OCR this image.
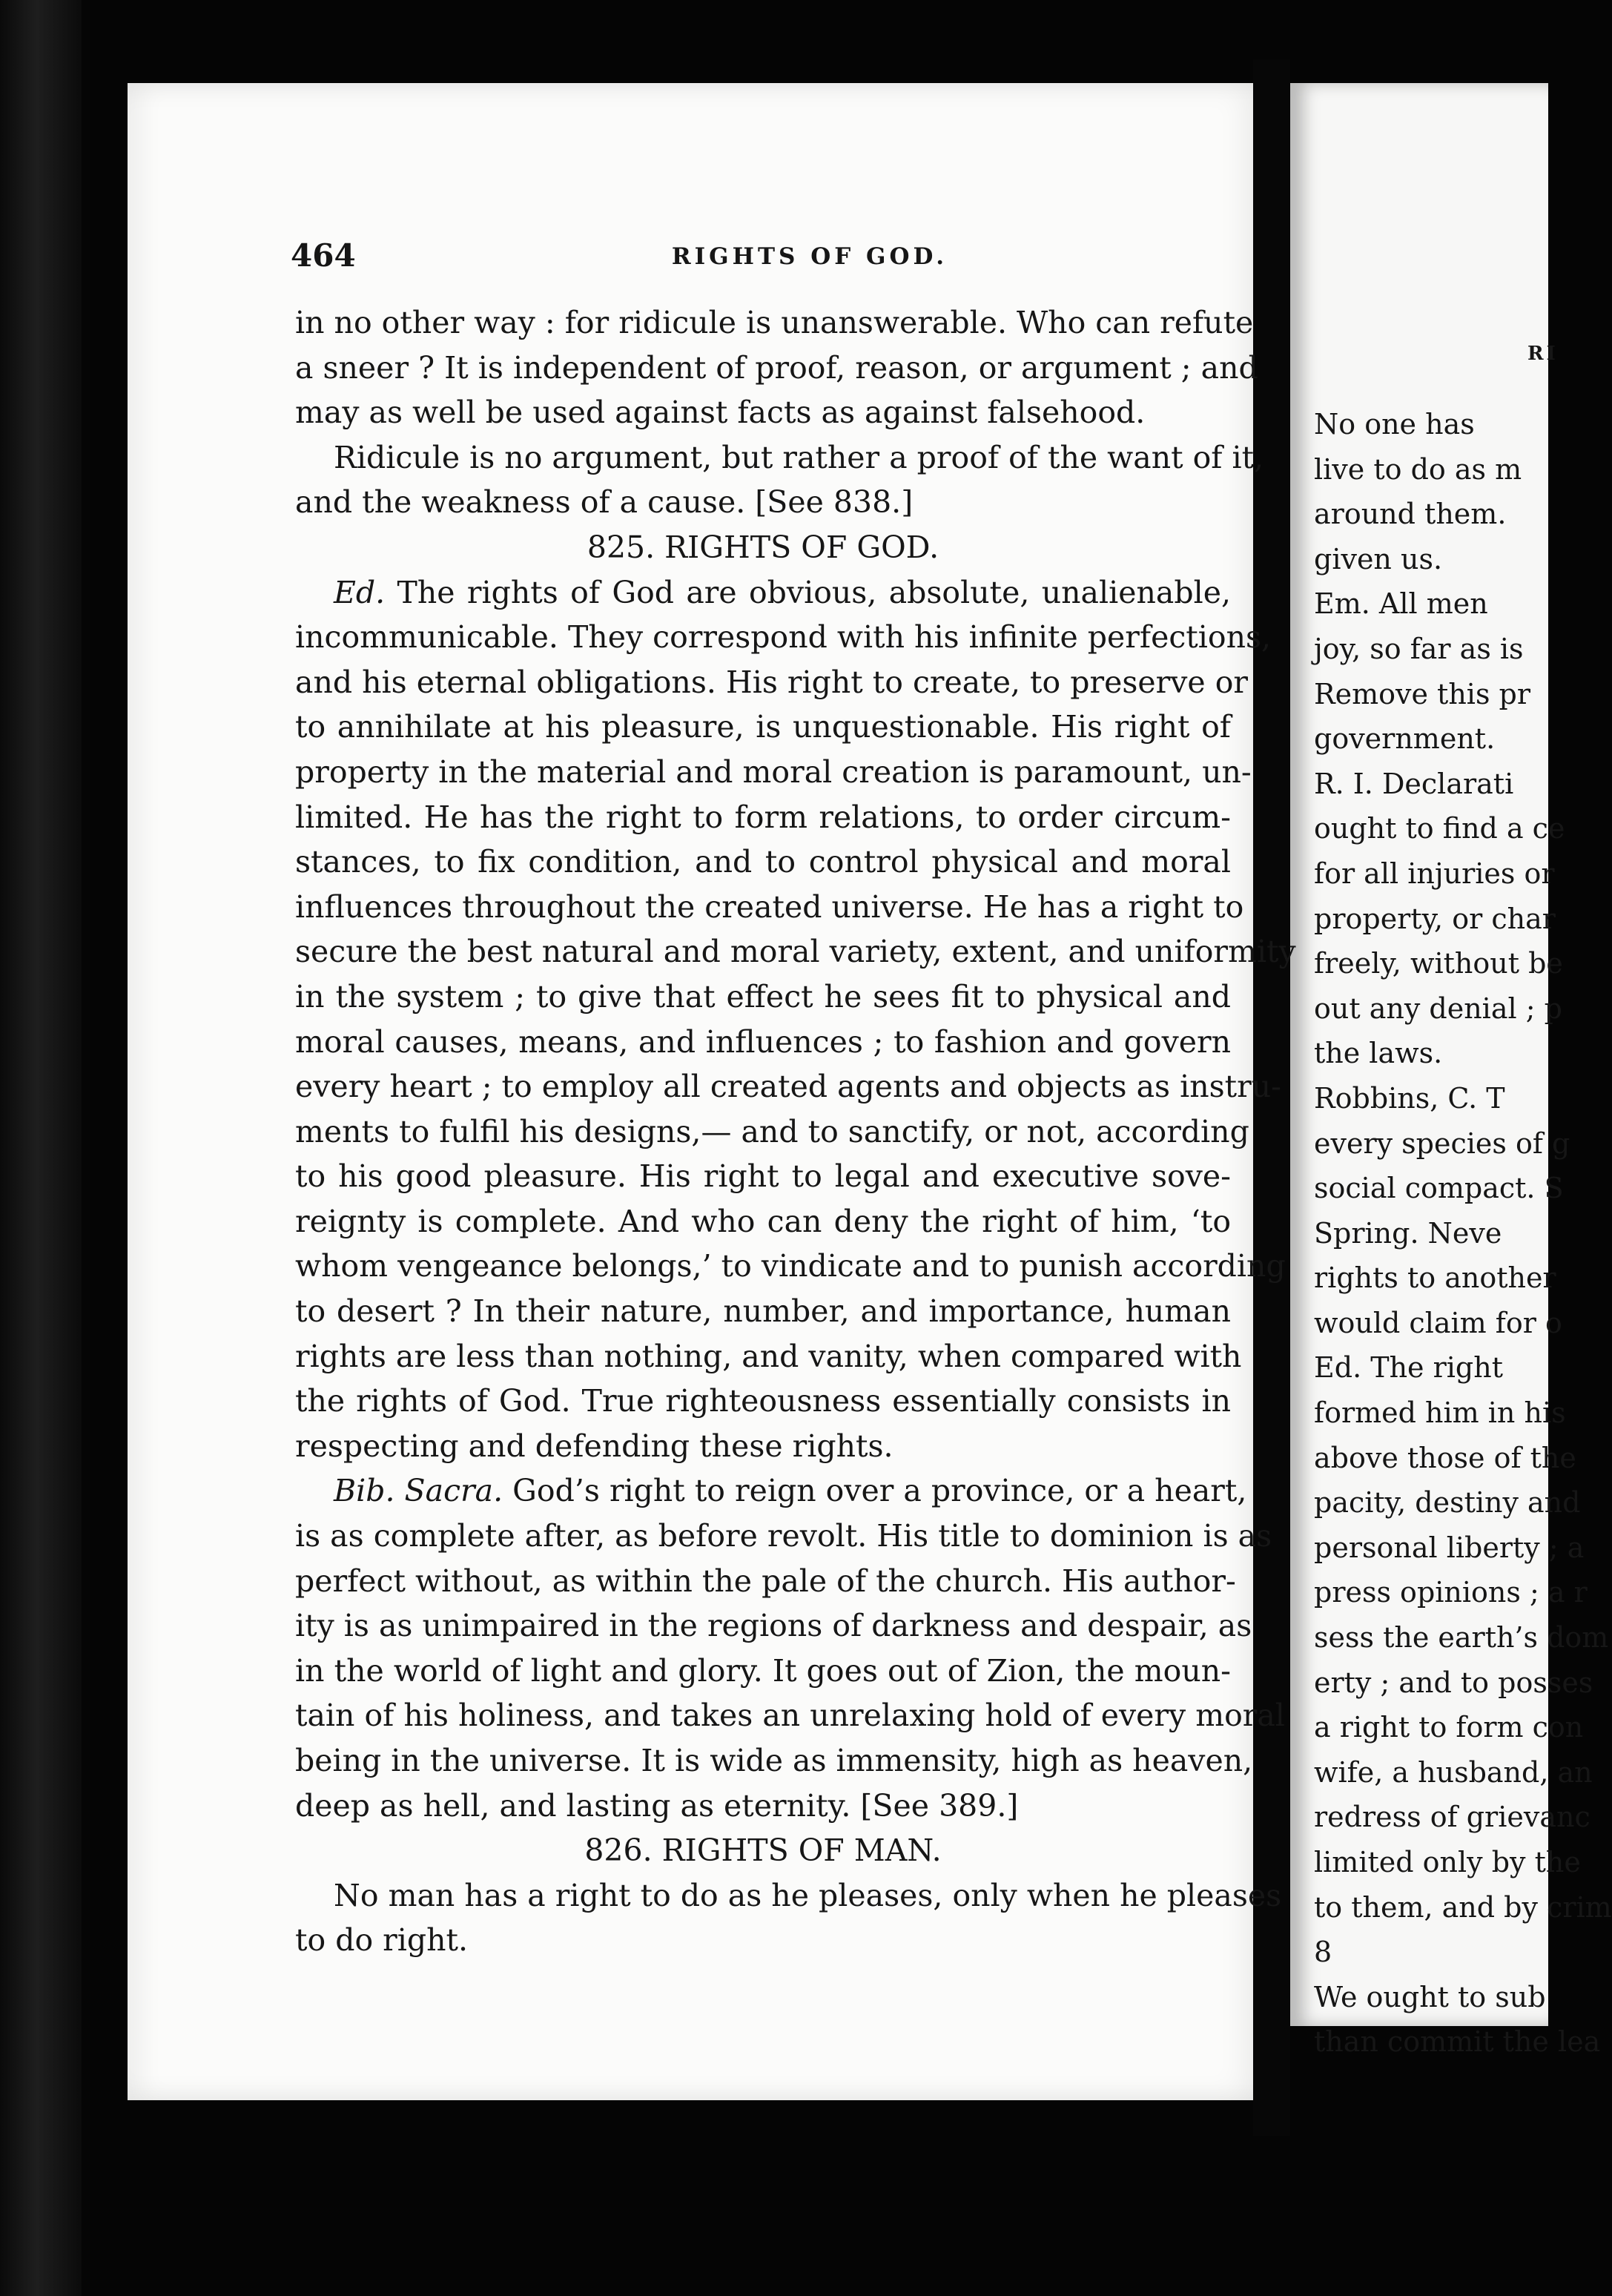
RI
No one has
live to do as m
around them.
given us.
Em. All men
joy, so far as is
Remove this pr
government.
R. I. Declarati
ought to find a ce
for all injuries or
property, or char
freely, without be
out any denial ; p
the laws.
Robbins, C. T
every species of g
social compact. S
Spring. Neve
rights to another
would claim for o
Ed. The right
formed him in his
above those of the
pacity, destiny and
personal liberty ; a
press opinions ; a r
sess the earth’s dom
erty ; and to posses
a right to form con
wife, a husband, an
redress of grievanc
limited only by the
to them, and by crim
8
We ought to sub
than commit the lea
464	RIGHTS OF GOD.
in no other way : for ridicule is unanswerable. Who can refute
a sneer ? It is independent of proof, reason, or argument ; and
may as well be used against facts as against falsehood.
Ridicule is no argument, but rather a proof of the want of it,
and the weakness of a cause. [See 838.]
825. RIGHTS OF GOD.
Ed. The rights of God are obvious, absolute, unalienable,
incommunicable. They correspond with his infinite perfections,
and his eternal obligations. His right to create, to preserve or
to annihilate at his pleasure, is unquestionable. His right of
property in the material and moral creation is paramount, un-
limited. He has the right to form relations, to order circum-
stances, to fix condition, and to control physical and moral
influences throughout the created universe. He has a right to
secure the best natural and moral variety, extent, and uniformity
in the system ; to give that effect he sees fit to physical and
moral causes, means, and influences ; to fashion and govern
every heart ; to employ all created agents and objects as instru-
ments to fulfil his designs,— and to sanctify, or not, according
to his good pleasure. His right to legal and executive sove-
reignty is complete. And who can deny the right of him, ‘to
whom vengeance belongs,’ to vindicate and to punish according
to desert ? In their nature, number, and importance, human
rights are less than nothing, and vanity, when compared with
the rights of God. True righteousness essentially consists in
respecting and defending these rights.
Bib. Sacra. God’s right to reign over a province, or a heart,
is as complete after, as before revolt. His title to dominion is as
perfect without, as within the pale of the church. His author-
ity is as unimpaired in the regions of darkness and despair, as
in the world of light and glory. It goes out of Zion, the moun-
tain of his holiness, and takes an unrelaxing hold of every moral
being in the universe. It is wide as immensity, high as heaven,
deep as hell, and lasting as eternity. [See 389.]
826. RIGHTS OF MAN.
No man has a right to do as he pleases, only when he pleases
to do right.
